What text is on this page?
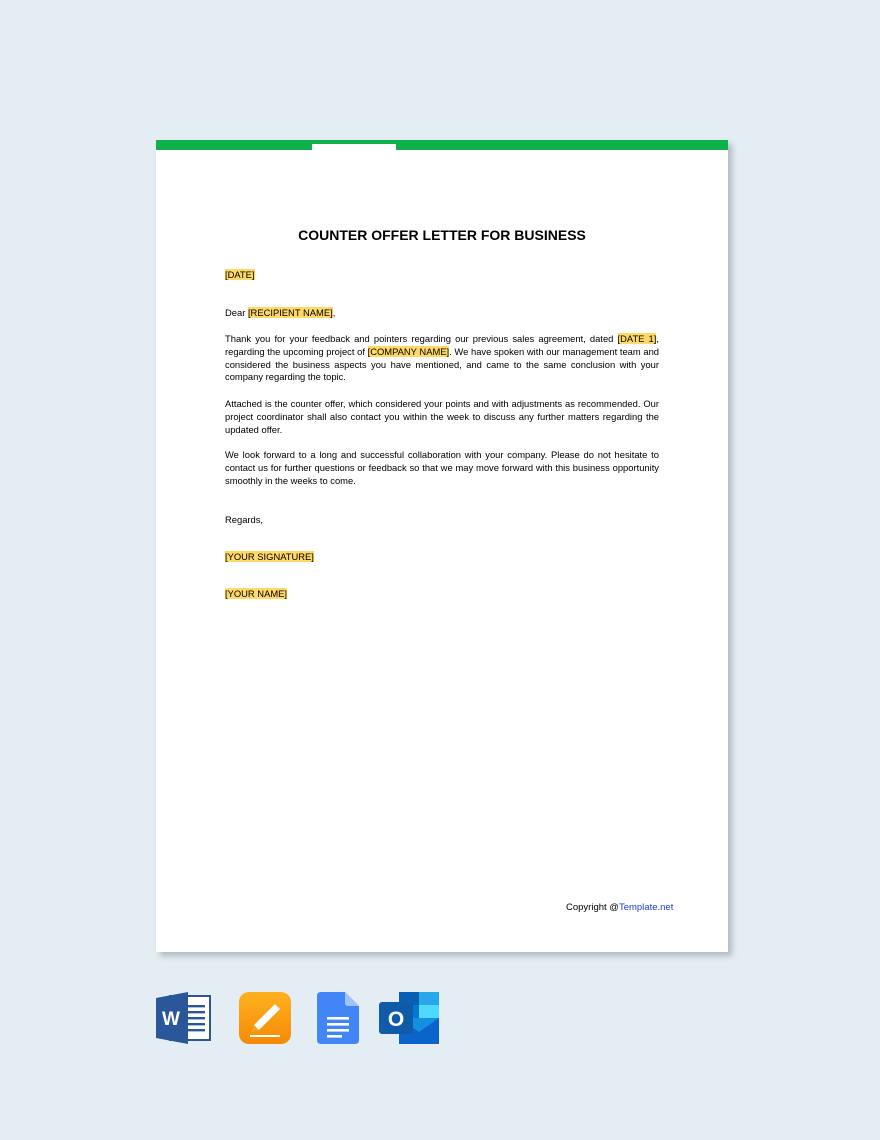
COUNTER OFFER LETTER FOR BUSINESS

[DATE]

Dear [RECIPIENT NAME],

Thank you for your feedback and pointers regarding our previous sales agreement, dated [DATE 1], regarding the upcoming project of [COMPANY NAME]. We have spoken with our management team and considered the business aspects you have mentioned, and came to the same conclusion with your company regarding the topic.

Attached is the counter offer, which considered your points and with adjustments as recommended. Our project coordinator shall also contact you within the week to discuss any further matters regarding the updated offer.

We look forward to a long and successful collaboration with your company. Please do not hesitate to contact us for further questions or feedback so that we may move forward with this business opportunity smoothly in the weeks to come.

Regards,

[YOUR SIGNATURE]

[YOUR NAME]

Copyright @Template.net
W	O
